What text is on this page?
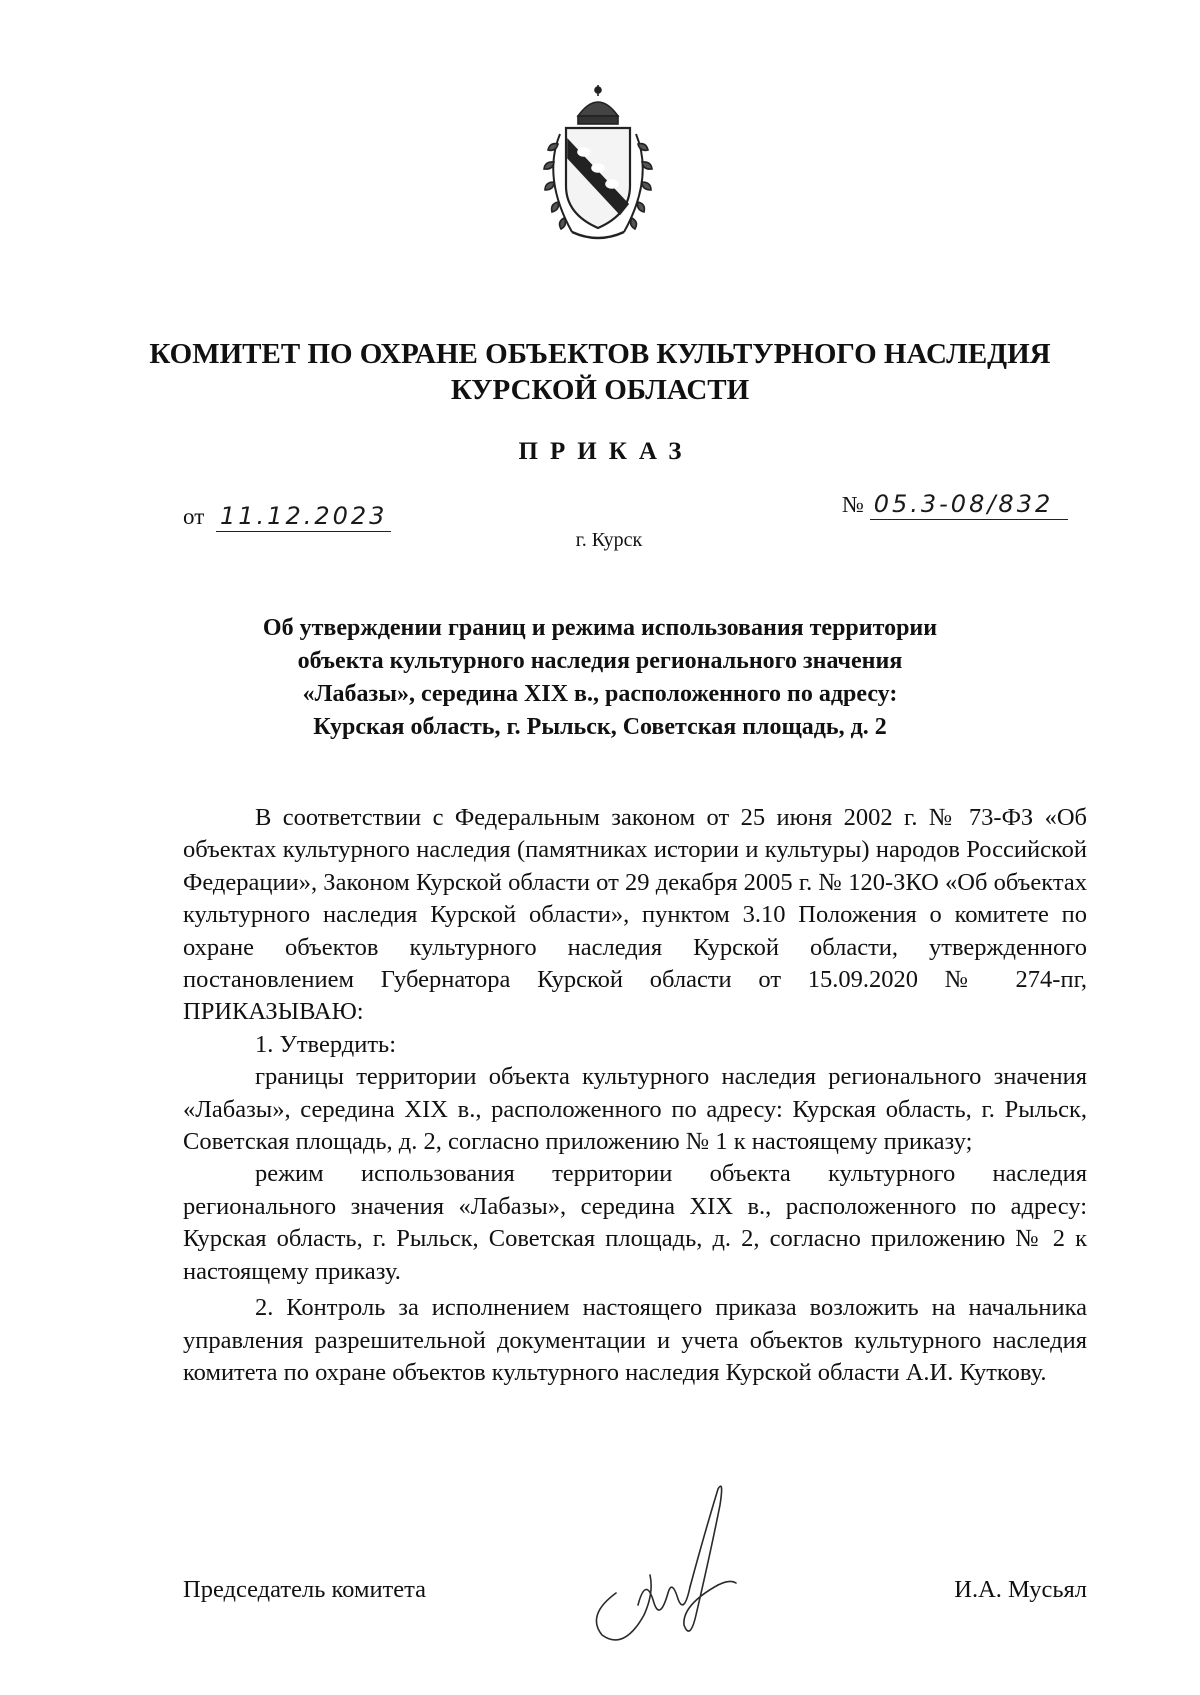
КОМИТЕТ ПО ОХРАНЕ ОБЪЕКТОВ КУЛЬТУРНОГО НАСЛЕДИЯ
КУРСКОЙ ОБЛАСТИ
ПРИКАЗ
от 11.12.2023	№ 05.3-08/832
г. Курск
Об утверждении границ и режима использования территории
объекта культурного наследия регионального значения
«Лабазы», середина XIX в., расположенного по адресу:
Курская область, г. Рыльск, Советская площадь, д. 2

В соответствии с Федеральным законом от 25 июня 2002 г. № 73-ФЗ «Об объектах культурного наследия (памятниках истории и культуры) народов Российской Федерации», Законом Курской области от 29 декабря 2005 г. № 120-ЗКО «Об объектах культурного наследия Курской области», пунктом 3.10 Положения о комитете по охране объектов культурного наследия Курской области, утвержденного постановлением Губернатора Курской области от 15.09.2020 № 274-пг, ПРИКАЗЫВАЮ:

1. Утвердить:

границы территории объекта культурного наследия регионального значения «Лабазы», середина XIX в., расположенного по адресу: Курская область, г. Рыльск, Советская площадь, д. 2, согласно приложению № 1 к настоящему приказу;

режим использования территории объекта культурного наследия регионального значения «Лабазы», середина XIX в., расположенного по адресу: Курская область, г. Рыльск, Советская площадь, д. 2, согласно приложению № 2 к настоящему приказу.

2. Контроль за исполнением настоящего приказа возложить на начальника управления разрешительной документации и учета объектов культурного наследия комитета по охране объектов культурного наследия Курской области А.И. Куткову.

Председатель комитета	И.А. Мусьял
